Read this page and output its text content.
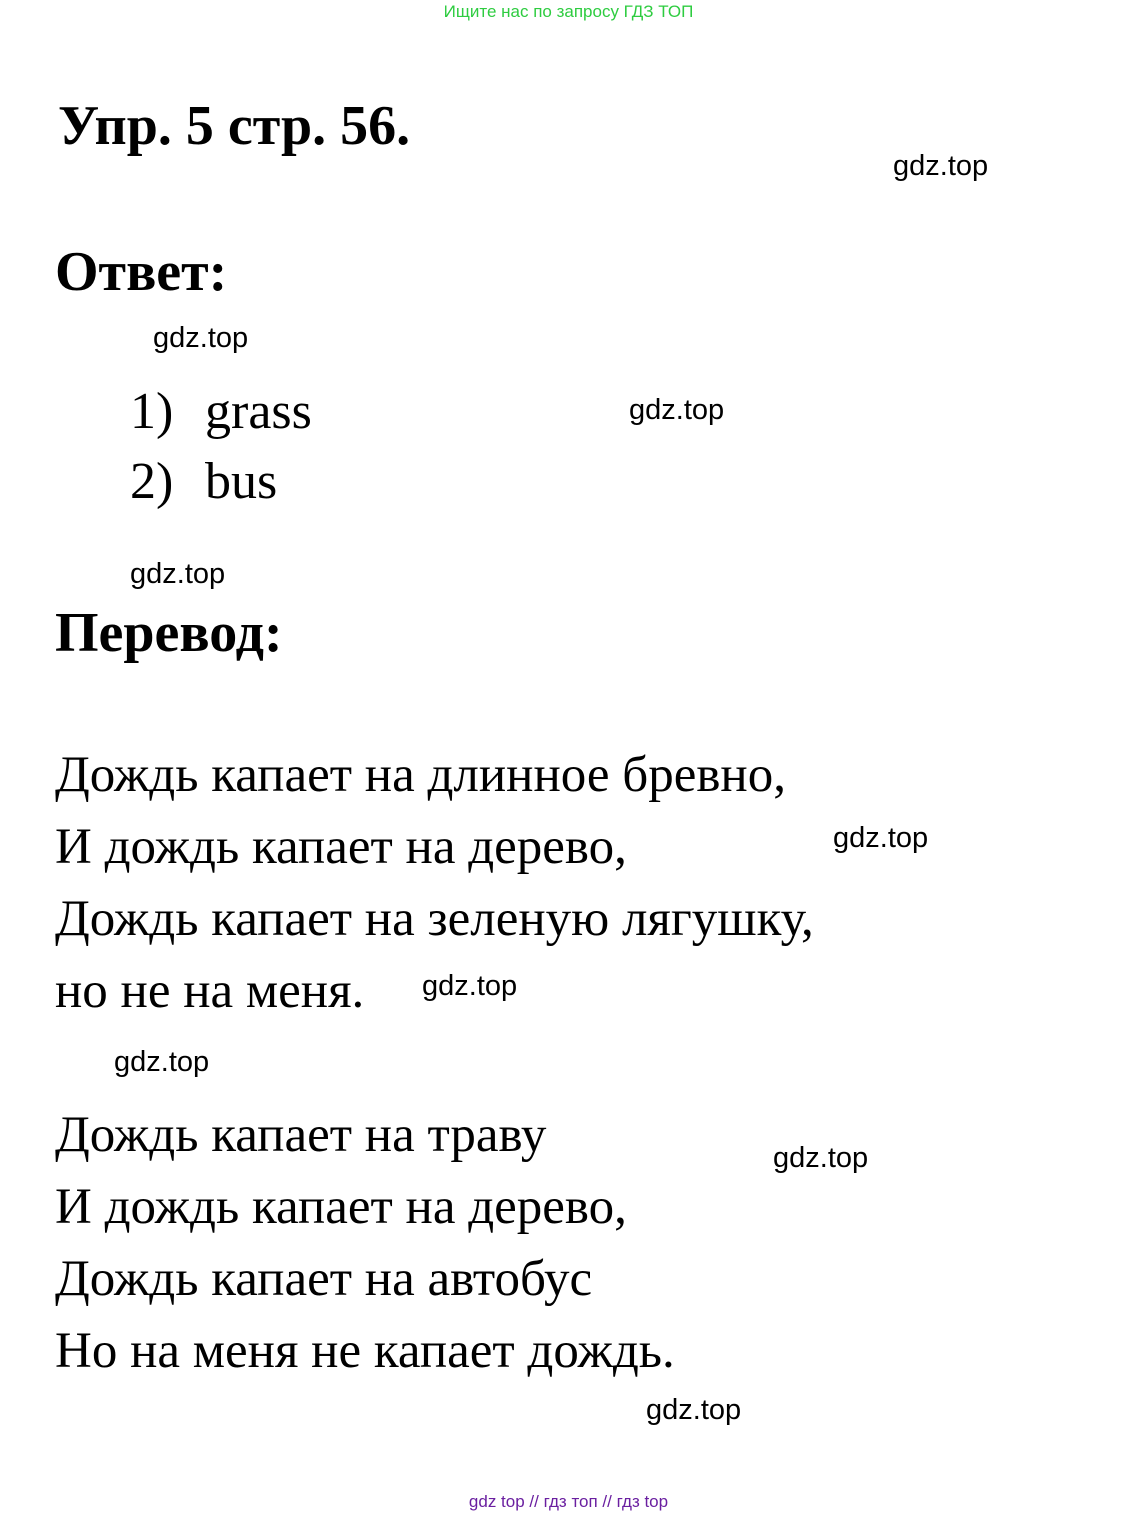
Ищите нас по запросу ГДЗ ТОП
Упр. 5 стр. 56.
gdz.top
Ответ:
gdz.top
1) grass
2) bus
gdz.top
gdz.top
Перевод:
Дождь капает на длинное бревно,
И дождь капает на дерево,
Дождь капает на зеленую лягушку,
но не на меня.
gdz.top
gdz.top
gdz.top
Дождь капает на траву
И дождь капает на дерево,
Дождь капает на автобус
Но на меня не капает дождь.
gdz.top
gdz.top
gdz top // гдз топ // гдз top
